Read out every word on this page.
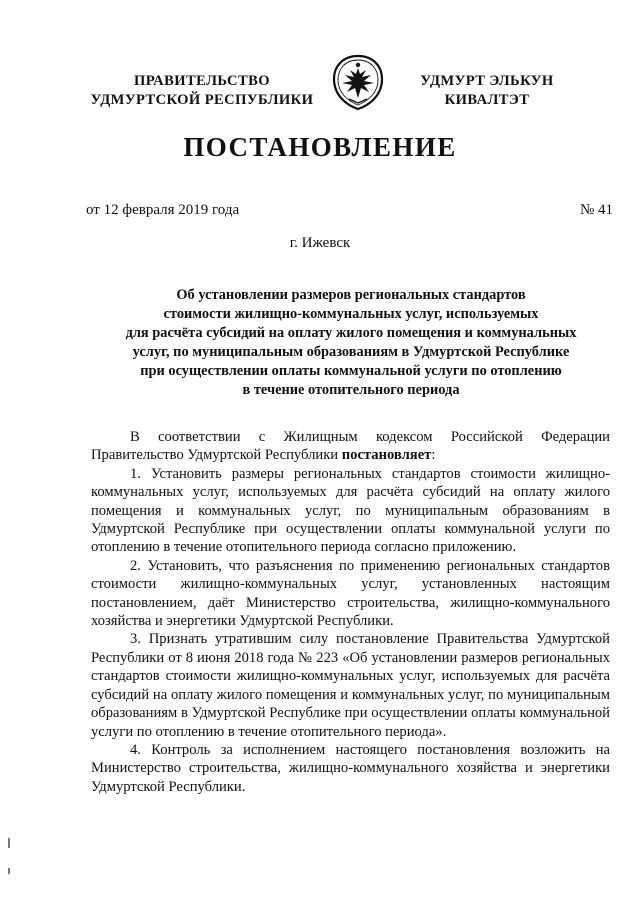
ПРАВИТЕЛЬСТВО
УДМУРТСКОЙ РЕСПУБЛИКИ
УДМУРТ ЭЛЬКУН
КИВАЛТЭТ
ПОСТАНОВЛЕНИЕ
от 12 февраля 2019 года	№ 41
г. Ижевск
Об установлении размеров региональных стандартов
стоимости жилищно-коммунальных услуг, используемых
для расчёта субсидий на оплату жилого помещения и коммунальных
услуг, по муниципальным образованиям в Удмуртской Республике
при осуществлении оплаты коммунальной услуги по отоплению
в течение отопительного периода

В соответствии с Жилищным кодексом Российской Федерации Правительство Удмуртской Республики постановляет:

1. Установить размеры региональных стандартов стоимости жилищно-коммунальных услуг, используемых для расчёта субсидий на оплату жилого помещения и коммунальных услуг, по муниципальным образованиям в Удмуртской Республике при осуществлении оплаты коммунальной услуги по отоплению в течение отопительного периода согласно приложению.

2. Установить, что разъяснения по применению региональных стандартов стоимости жилищно-коммунальных услуг, установленных настоящим постановлением, даёт Министерство строительства, жилищно-коммунального хозяйства и энергетики Удмуртской Республики.

3. Признать утратившим силу постановление Правительства Удмуртской Республики от 8 июня 2018 года № 223 «Об установлении размеров региональных стандартов стоимости жилищно-коммунальных услуг, используемых для расчёта субсидий на оплату жилого помещения и коммунальных услуг, по муниципальным образованиям в Удмуртской Республике при осуществлении оплаты коммунальной услуги по отоплению в течение отопительного периода».

4. Контроль за исполнением настоящего постановления возложить на Министерство строительства, жилищно-коммунального хозяйства и энергетики Удмуртской Республики.
